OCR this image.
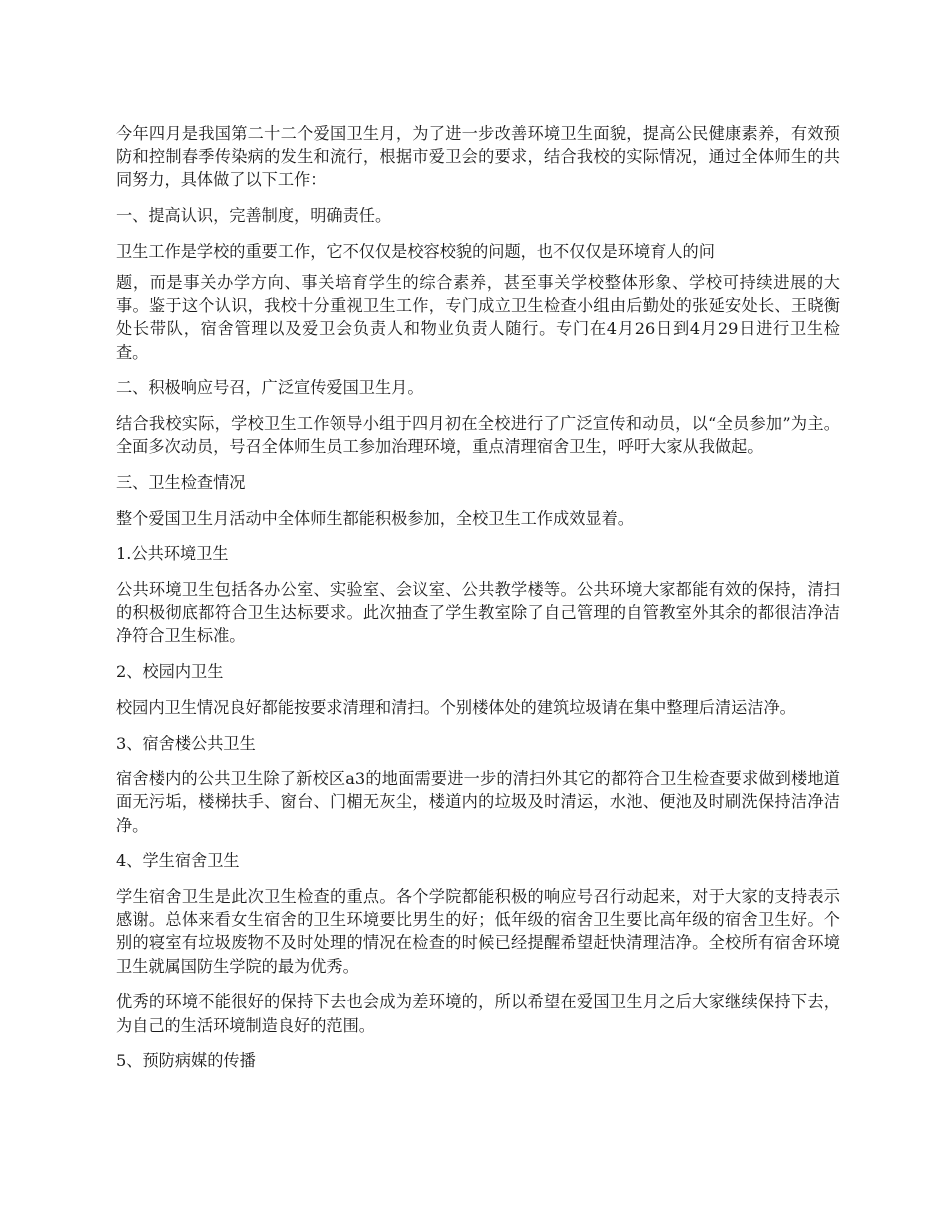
今年四月是我国第二十二个爱国卫生月，为了进一步改善环境卫生面貌，提高公民健康素养，有效预防和控制春季传染病的发生和流行，根据市爱卫会的要求，结合我校的实际情况，通过全体师生的共同努力，具体做了以下工作：

一、提高认识，完善制度，明确责任。

卫生工作是学校的重要工作，它不仅仅是校容校貌的问题，也不仅仅是环境育人的问

题，而是事关办学方向、事关培育学生的综合素养，甚至事关学校整体形象、学校可持续进展的大事。鉴于这个认识，我校十分重视卫生工作，专门成立卫生检查小组由后勤处的张延安处长、王晓衡处长带队，宿舍管理以及爱卫会负责人和物业负责人随行。专门在4月26日到4月29日进行卫生检查。

二、积极响应号召，广泛宣传爱国卫生月。

结合我校实际，学校卫生工作领导小组于四月初在全校进行了广泛宣传和动员，以“全员参加”为主。全面多次动员，号召全体师生员工参加治理环境，重点清理宿舍卫生，呼吁大家从我做起。

三、卫生检查情况

整个爱国卫生月活动中全体师生都能积极参加，全校卫生工作成效显着。

1.公共环境卫生

公共环境卫生包括各办公室、实验室、会议室、公共教学楼等。公共环境大家都能有效的保持，清扫的积极彻底都符合卫生达标要求。此次抽查了学生教室除了自己管理的自管教室外其余的都很洁净洁净符合卫生标准。

2、校园内卫生

校园内卫生情况良好都能按要求清理和清扫。个别楼体处的建筑垃圾请在集中整理后清运洁净。

3、宿舍楼公共卫生

宿舍楼内的公共卫生除了新校区a3的地面需要进一步的清扫外其它的都符合卫生检查要求做到楼地道面无污垢，楼梯扶手、窗台、门楣无灰尘，楼道内的垃圾及时清运，水池、便池及时刷洗保持洁净洁净。

4、学生宿舍卫生

学生宿舍卫生是此次卫生检查的重点。各个学院都能积极的响应号召行动起来，对于大家的支持表示感谢。总体来看女生宿舍的卫生环境要比男生的好；低年级的宿舍卫生要比高年级的宿舍卫生好。个别的寝室有垃圾废物不及时处理的情况在检查的时候已经提醒希望赶快清理洁净。全校所有宿舍环境卫生就属国防生学院的最为优秀。

优秀的环境不能很好的保持下去也会成为差环境的，所以希望在爱国卫生月之后大家继续保持下去，为自己的生活环境制造良好的范围。

5、预防病媒的传播
